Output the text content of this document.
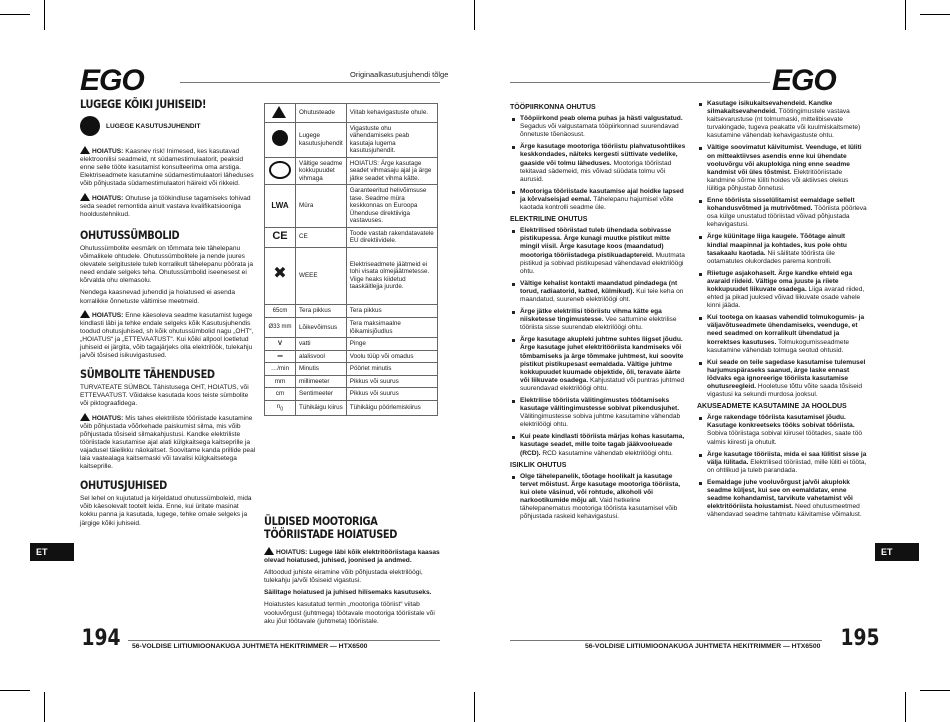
EGO	Originaalkasutusjuhendi tõlge
LUGEGE KÕIKI JUHISEID!

LUGEGE KASUTUSJUHENDIT

HOIATUS: Kaasnev risk! Inimesed, kes kasutavad elektroonilisi seadmeid, nt südamestimulaatorit, peaksid enne selle tööte kasutamist konsulteerima oma arstiga. Elektriseadmete kasutamine südamestimulaatori läheduses võib põhjustada südamestimulaatori häireid või rikkeid.

HOIATUS: Ohutuse ja töökindluse tagamiseks tohivad seda seadet remontida ainult vastava kvalifikatsiooniga hooldustehnikud.

OHUTUSSÜMBOLID

Ohutussümbolite eesmärk on tõmmata teie tähelepanu võimalikele ohtudele. Ohutussümbolitele ja nende juures olevatele selgitustele tuleb korralikult tähelepanu pöörata ja need endale selgeks teha. Ohutussümbolid iseenesest ei kõrvalda ohu olemasolu.

Nendega kaasnevad juhendid ja hoiatused ei asenda korralikke õnnetuste vältimise meetmeid.

HOIATUS: Enne käesoleva seadme kasutamist lugege kindlasti läbi ja tehke endale selgeks kõik Kasutusjuhendis toodud ohutusjuhised, sh kõik ohutussümbolid nagu „OHT“, „HOIATUS“ ja „ETTEVAATUST“. Kui kõiki allpool loetletud juhiseid ei järgita, võib tagajärjeks olla elektrilöök, tulekahju ja/või tõsised isikuvigastused.

SÜMBOLITE TÄHENDUSED

TURVATEATE SÜMBOL Tähistusega OHT, HOIATUS, või ETTEVAATUST. Võidakse kasutada koos teiste sümbolite või piktograafidega.

HOIATUS: Mis tahes elektriliste tööriistade kasutamine võib põhjustada võõrkehade paiskumist silma, mis võib põhjustada tõsiseid silmakahjustusi. Kandke elektriliste tööriistade kasutamise ajal alati külgkaitsega kaitseprille ja vajadusel täielikku näokaitset. Soovitame kanda prillide peal laia vaatealaga kaitsemaski või tavalisi külgkaitsetega kaitseprille.

OHUTUSJUHISED

Sel lehel on kujutatud ja kirjeldatud ohutussümboleid, mida võib käesolevalt tootelt leida. Enne, kui üritate masinat kokku panna ja kasutada, lugege, tehke omale selgeks ja järgige kõiki juhiseid.

	Ohutusteade	Viitab kehavigastuste ohule.
	Lugege kasutusjuhendit	Vigastuste ohu vähendamiseks peab kasutaja lugema kasutusjuhendit.
	Vältige seadme kokkupuudet vihmaga	HOIATUS: Ärge kasutage seadet vihmasaju ajal ja ärge jätke seadet vihma kätte.
LWA	Müra	Garanteeritud helivõimsuse tase. Seadme müra keskkonnas on Euroopa Ühenduse direktiiviga vastavuses.
CE	CE	Toode vastab rakendatavatele EU direktiividele.
✖	WEEE	Elektriseadmete jäätmeid ei tohi visata olmejäätmetesse. Viige heaks kiidetud taaskäitlejja juurde.
65cm	Tera pikkus	Tera pikkus
Ø33 mm	Lõikevõimsus	Tera maksimaalne lõikamisjõudlus
V	vatti	Pinge
⎓	alalisvool	Voolu tüüp või omadus
…/min	Minutis	Pöörlet minutis
mm	millimeeter	Pikkus või suurus
cm	Sentimeeter	Pikkus või suurus
$n_0$	Tühikäigu kiirus	Tühikäigu pöörlemiskiirus
ÜLDISED MOOTORIGA TÖÖRIISTADE HOIATUSED

HOIATUS: Lugege läbi kõik elektritööriistaga kaasas olevad hoiatused, juhised, joonised ja andmed.

Alltoodud juhiste eiramine võib põhjustada elektrilöögi, tulekahju ja/või tõsiseid vigastusi.

Säilitage hoiatused ja juhised hilisemaks kasutuseks.

Hoiatustes kasutatud termin „mootoriga tööriist“ viitab vooluvõrgust (juhtmega) töötavale mootoriga tööriistale või aku jõul töötavale (juhtmeta) tööriistale.

ET
194 56-VOLDISE LIITIUMIOONAKUGA JUHTMETA HEKITRIMMER — HTX6500
EGO
TÖÖPIIRKONNA OHUTUS
Tööpiirkond peab olema puhas ja hästi valgustatud. Segadus või valgustamata tööpiirkonnad suurendavad õnnetuste tõenäosust.
Ärge kasutage mootoriga tööriistu plahvatusohtlikes keskkondades, näiteks kergesti süttivate vedelike, gaaside või tolmu läheduses. Mootoriga tööriistad tekitavad sädemeid, mis võivad süüdata tolmu või aurusid.
Mootoriga tööriistade kasutamise ajal hoidke lapsed ja kõrvalseisjad eemal. Tähelepanu hajumisel võite kaotada kontrolli seadme üle.
ELEKTRILINE OHUTUS
Elektrilised tööriistad tuleb ühendada sobivasse pistikupessa. Ärge kunagi muutke pistikut mitte mingil viisil. Ärge kasutage koos (maandatud) mootoriga tööriistadega pistikuadaptereid. Muutmata pistikud ja sobivad pistikupesad vähendavad elektrilöögi ohtu.
Vältige kehalist kontakti maandatud pindadega (nt torud, radiaatorid, katted, külmikud). Kui teie keha on maandatud, suureneb elektrilöögi oht.
Ärge jätke elektrilisi tööriistu vihma kätte ega niisketesse tingimustesse. Vee sattumine elektrilise tööriista sisse suurendab elektrilöögi ohtu.
Ärge kasutage akupleki juhtme suhtes liigset jõudu. Ärge kasutage juhet elektritööriista kandmiseks või tõmbamiseks ja ärge tõmmake juhtmest, kui soovite pistikut pistikupesast eemaldada. Vältige juhtme kokkupuudet kuumade objektide, õli, teravate äärte või liikuvate osadega. Kahjustatud või puntras juhtmed suurendavad elektrilöögi ohtu.
Elektrilise tööriista välitingimustes töötamiseks kasutage välitingimustesse sobivat pikendusjuhet. Välitingimustesse sobiva juhtme kasutamine vähendab elektrilöögi ohtu.
Kui peate kindlasti tööriista märjas kohas kasutama, kasutage seadet, mille toite tagab jääkvoolueade (RCD). RCD kasutamine vähendab elektrilöögi ohtu.
ISIKLIK OHUTUS
Olge tähelepanelik, tõotage hoolikalt ja kasutage tervet mõistust. Ärge kasutage mootoriga tööriista, kui olete väsinud, või rohtude, alkoholi või narkootikumide mõju all. Vaid hetkeline tähelepanematus mootoriga tööriista kasutamisel võib põhjustada raskeid kehavigastusi.
Kasutage isikukaitsevahendeid. Kandke silmakaitsevahendeid. Töötingimustele vastava kaitsevarustuse (nt tolmumaski, mittelibisevate turvakingade, tugeva peakatte või kuulmiskaitsmete) kasutamine vähendab kehavigastuste ohtu.
Vältige soovimatut käivitumist. Veenduge, et lüliti on mitteaktiivses asendis enne kui ühendate vooluvõrgu või akuplokiga ning enne seadme kandmist või üles tõstmist. Elektritööriistade kandmine sõrme lüliti hoides või aktiivses olekus lülitiga põhjustab õnnetusi.
Enne tööriista sisselülitamist eemaldage sellelt kohandusvõtmed ja mutrivõtmed. Tööriista pöörleva osa külge unustatud tööriistad võivad põhjustada kehavigastusi.
Ärge küünitage liiga kaugele. Tõötage ainult kindlal maapinnal ja kohtades, kus pole ohtu tasakaalu kaotada. Nii säilitate tööriista üle ootamatutes olukordades parema kontrolli.
Riietuge asjakohaselt. Ärge kandke ehteid ega avaraid riideid. Vältige oma juuste ja riiete kokkupuudet liikuvate osadega. Liiga avarad riided, ehted ja pikad juuksed võivad liikuvate osade vahele kinni jääda.
Kui tootega on kaasas vahendid tolmukogumis- ja väljavõtuseadmete ühendamiseks, veenduge, et need seadmed on korralikult ühendatud ja korrektses kasutuses. Tolmukogumisseadmete kasutamine vähendab tolmuga seotud ohtusid.
Kui seade on teile sagedase kasutamise tulemusel harjumuspäraseks saanud, ärge laske ennast lõdvaks ega ignoreerige tööriista kasutamise ohutusreegleid. Hooletuse tõttu võite saada tõsiseid vigastusi ka sekundi murdosa jooksul.
AKUSEADMETE KASUTAMINE JA HOOLDUS
Ärge rakendage tööriista kasutamisel jõudu. Kasutage konkreetseks tööks sobivat tööriista. Sobiva tööriistaga sobival kiirusel töötades, saate töö valmis kiiresti ja ohutult.
Ärge kasutage tööriista, mida ei saa lülitist sisse ja välja lülitada. Elektrilised tööriistad, mille lüliti ei tööta, on ohtlikud ja tuleb parandada.
Eemaldage juhe vooluvõrgust ja/või akuplokk seadme küljest, kui see on eemaldatav, enne seadme kohandamist, tarvikute vahetamist või elektritööriista hoiustamist. Need ohutusmeetmed vähendavad seadme tahtmatu käivitamise võimalust.
ET
56-VOLDISE LIITIUMIOONAKUGA JUHTMETA HEKITRIMMER — HTX6500 195
